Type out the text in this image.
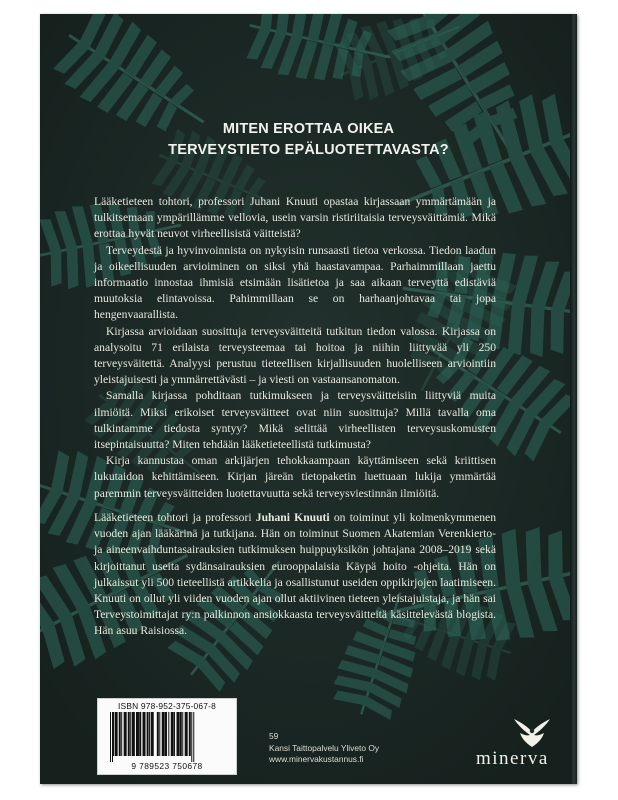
MITEN EROTTAA OIKEA
TERVEYSTIETO EPÄLUOTETTAVASTA?

Lääketieteen tohtori, professori Juhani Knuuti opastaa kirjassaan ymmärtämään ja tulkitsemaan ympärillämme vellovia, usein varsin ristiriitaisia terveysväittämiä. Mikä erottaa hyvät neuvot virheellisistä väitteistä?

Terveydestä ja hyvinvoinnista on nykyisin runsaasti tietoa verkossa. Tiedon laadun ja oikeellisuuden arvioiminen on siksi yhä haastavampaa. Parhaimmillaan jaettu informaatio innostaa ihmisiä etsimään lisätietoa ja saa aikaan terveyttä edistäviä muutoksia elintavoissa. Pahimmillaan se on harhaanjohtavaa tai jopa hengenvaarallista.

Kirjassa arvioidaan suosittuja terveysväitteitä tutkitun tiedon valossa. Kirjassa on analysoitu 71 erilaista terveysteemaa tai hoitoa ja niihin liittyvää yli 250 terveysväitettä. Analyysi perustuu tieteellisen kirjallisuuden huolelliseen arviointiin yleistajuisesti ja ymmärrettävästi – ja viesti on vastaansanomaton.

Samalla kirjassa pohditaan tutkimukseen ja terveysväitteisiin liittyviä muita ilmiöitä. Miksi erikoiset terveysväitteet ovat niin suosittuja? Millä tavalla oma tulkintamme tiedosta syntyy? Mikä selittää virheellisten terveysuskomusten itsepintaisuutta? Miten tehdään lääketieteellistä tutkimusta?

Kirja kannustaa oman arkijärjen tehokkaampaan käyttämiseen sekä kriittisen lukutaidon kehittämiseen. Kirjan järeän tietopaketin luettuaan lukija ymmärtää paremmin terveysväitteiden luotettavuutta sekä terveysviestinnän ilmiöitä.

Lääketieteen tohtori ja professori Juhani Knuuti on toiminut yli kolmenkymmenen vuoden ajan lääkärinä ja tutkijana. Hän on toiminut Suomen Akatemian Verenkierto- ja aineenvaihduntasairauksien tutkimuksen huippuyksikön johtajana 2008–2019 sekä kirjoittanut useita sydänsairauksien eurooppalaisia Käypä hoito -ohjeita. Hän on julkaissut yli 500 tieteellistä artikkelia ja osallistunut useiden oppikirjojen laatimiseen. Knuuti on ollut yli viiden vuoden ajan ollut aktiivinen tieteen yleistajuistaja, ja hän sai Terveystoimittajat ry:n palkinnon ansiokkaasta terveysväitteitä käsittelevästä blogista. Hän asuu Raisiossa.

ISBN 978-952-375-067-8
9 789523 750678
59
Kansi Taittopalvelu Yliveto Oy
www.minervakustannus.fi	minerva
